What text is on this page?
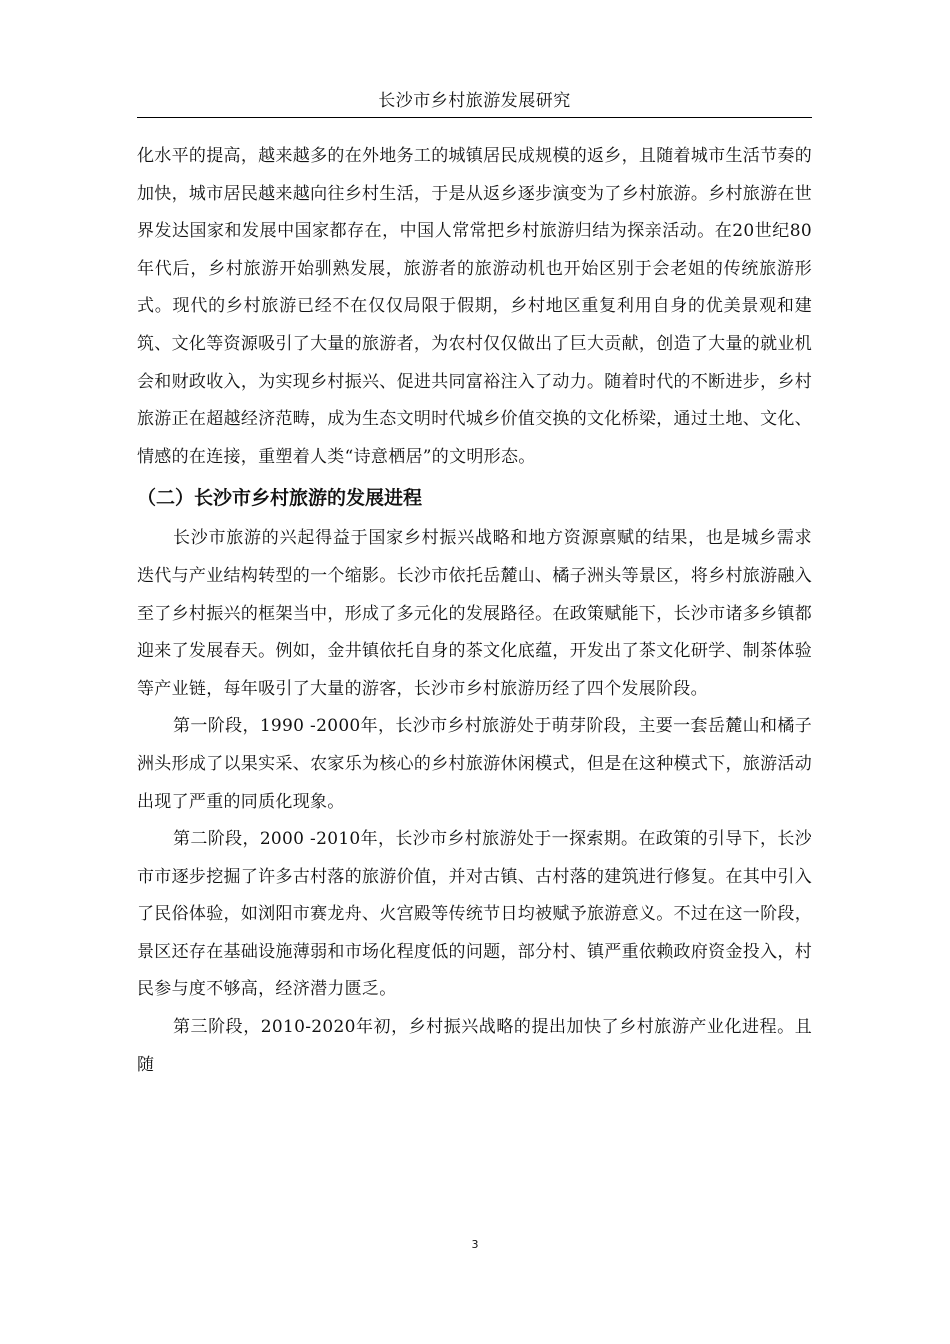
长沙市乡村旅游发展研究

化水平的提高，越来越多的在外地务工的城镇居民成规模的返乡，且随着城市生活节奏的加快，城市居民越来越向往乡村生活，于是从返乡逐步演变为了乡村旅游。乡村旅游在世界发达国家和发展中国家都存在，中国人常常把乡村旅游归结为探亲活动。在20世纪80年代后，乡村旅游开始驯熟发展，旅游者的旅游动机也开始区别于会老姐的传统旅游形式。现代的乡村旅游已经不在仅仅局限于假期，乡村地区重复利用自身的优美景观和建筑、文化等资源吸引了大量的旅游者，为农村仅仅做出了巨大贡献，创造了大量的就业机会和财政收入，为实现乡村振兴、促进共同富裕注入了动力。随着时代的不断进步，乡村旅游正在超越经济范畴，成为生态文明时代城乡价值交换的文化桥梁，通过土地、文化、情感的在连接，重塑着人类“诗意栖居”的文明形态。

（二）长沙市乡村旅游的发展进程

长沙市旅游的兴起得益于国家乡村振兴战略和地方资源禀赋的结果，也是城乡需求迭代与产业结构转型的一个缩影。长沙市依托岳麓山、橘子洲头等景区，将乡村旅游融入至了乡村振兴的框架当中，形成了多元化的发展路径。在政策赋能下，长沙市诸多乡镇都迎来了发展春天。例如，金井镇依托自身的茶文化底蕴，开发出了茶文化研学、制茶体验等产业链，每年吸引了大量的游客，长沙市乡村旅游历经了四个发展阶段。

第一阶段，1990 -2000年，长沙市乡村旅游处于萌芽阶段，主要一套岳麓山和橘子洲头形成了以果实采、农家乐为核心的乡村旅游休闲模式，但是在这种模式下，旅游活动出现了严重的同质化现象。

第二阶段，2000 -2010年，长沙市乡村旅游处于一探索期。在政策的引导下，长沙市市逐步挖掘了许多古村落的旅游价值，并对古镇、古村落的建筑进行修复。在其中引入了民俗体验，如浏阳市赛龙舟、火宫殿等传统节日均被赋予旅游意义。不过在这一阶段，景区还存在基础设施薄弱和市场化程度低的问题，部分村、镇严重依赖政府资金投入，村民参与度不够高，经济潜力匮乏。

第三阶段，2010-2020年初，乡村振兴战略的提出加快了乡村旅游产业化进程。且随

3
